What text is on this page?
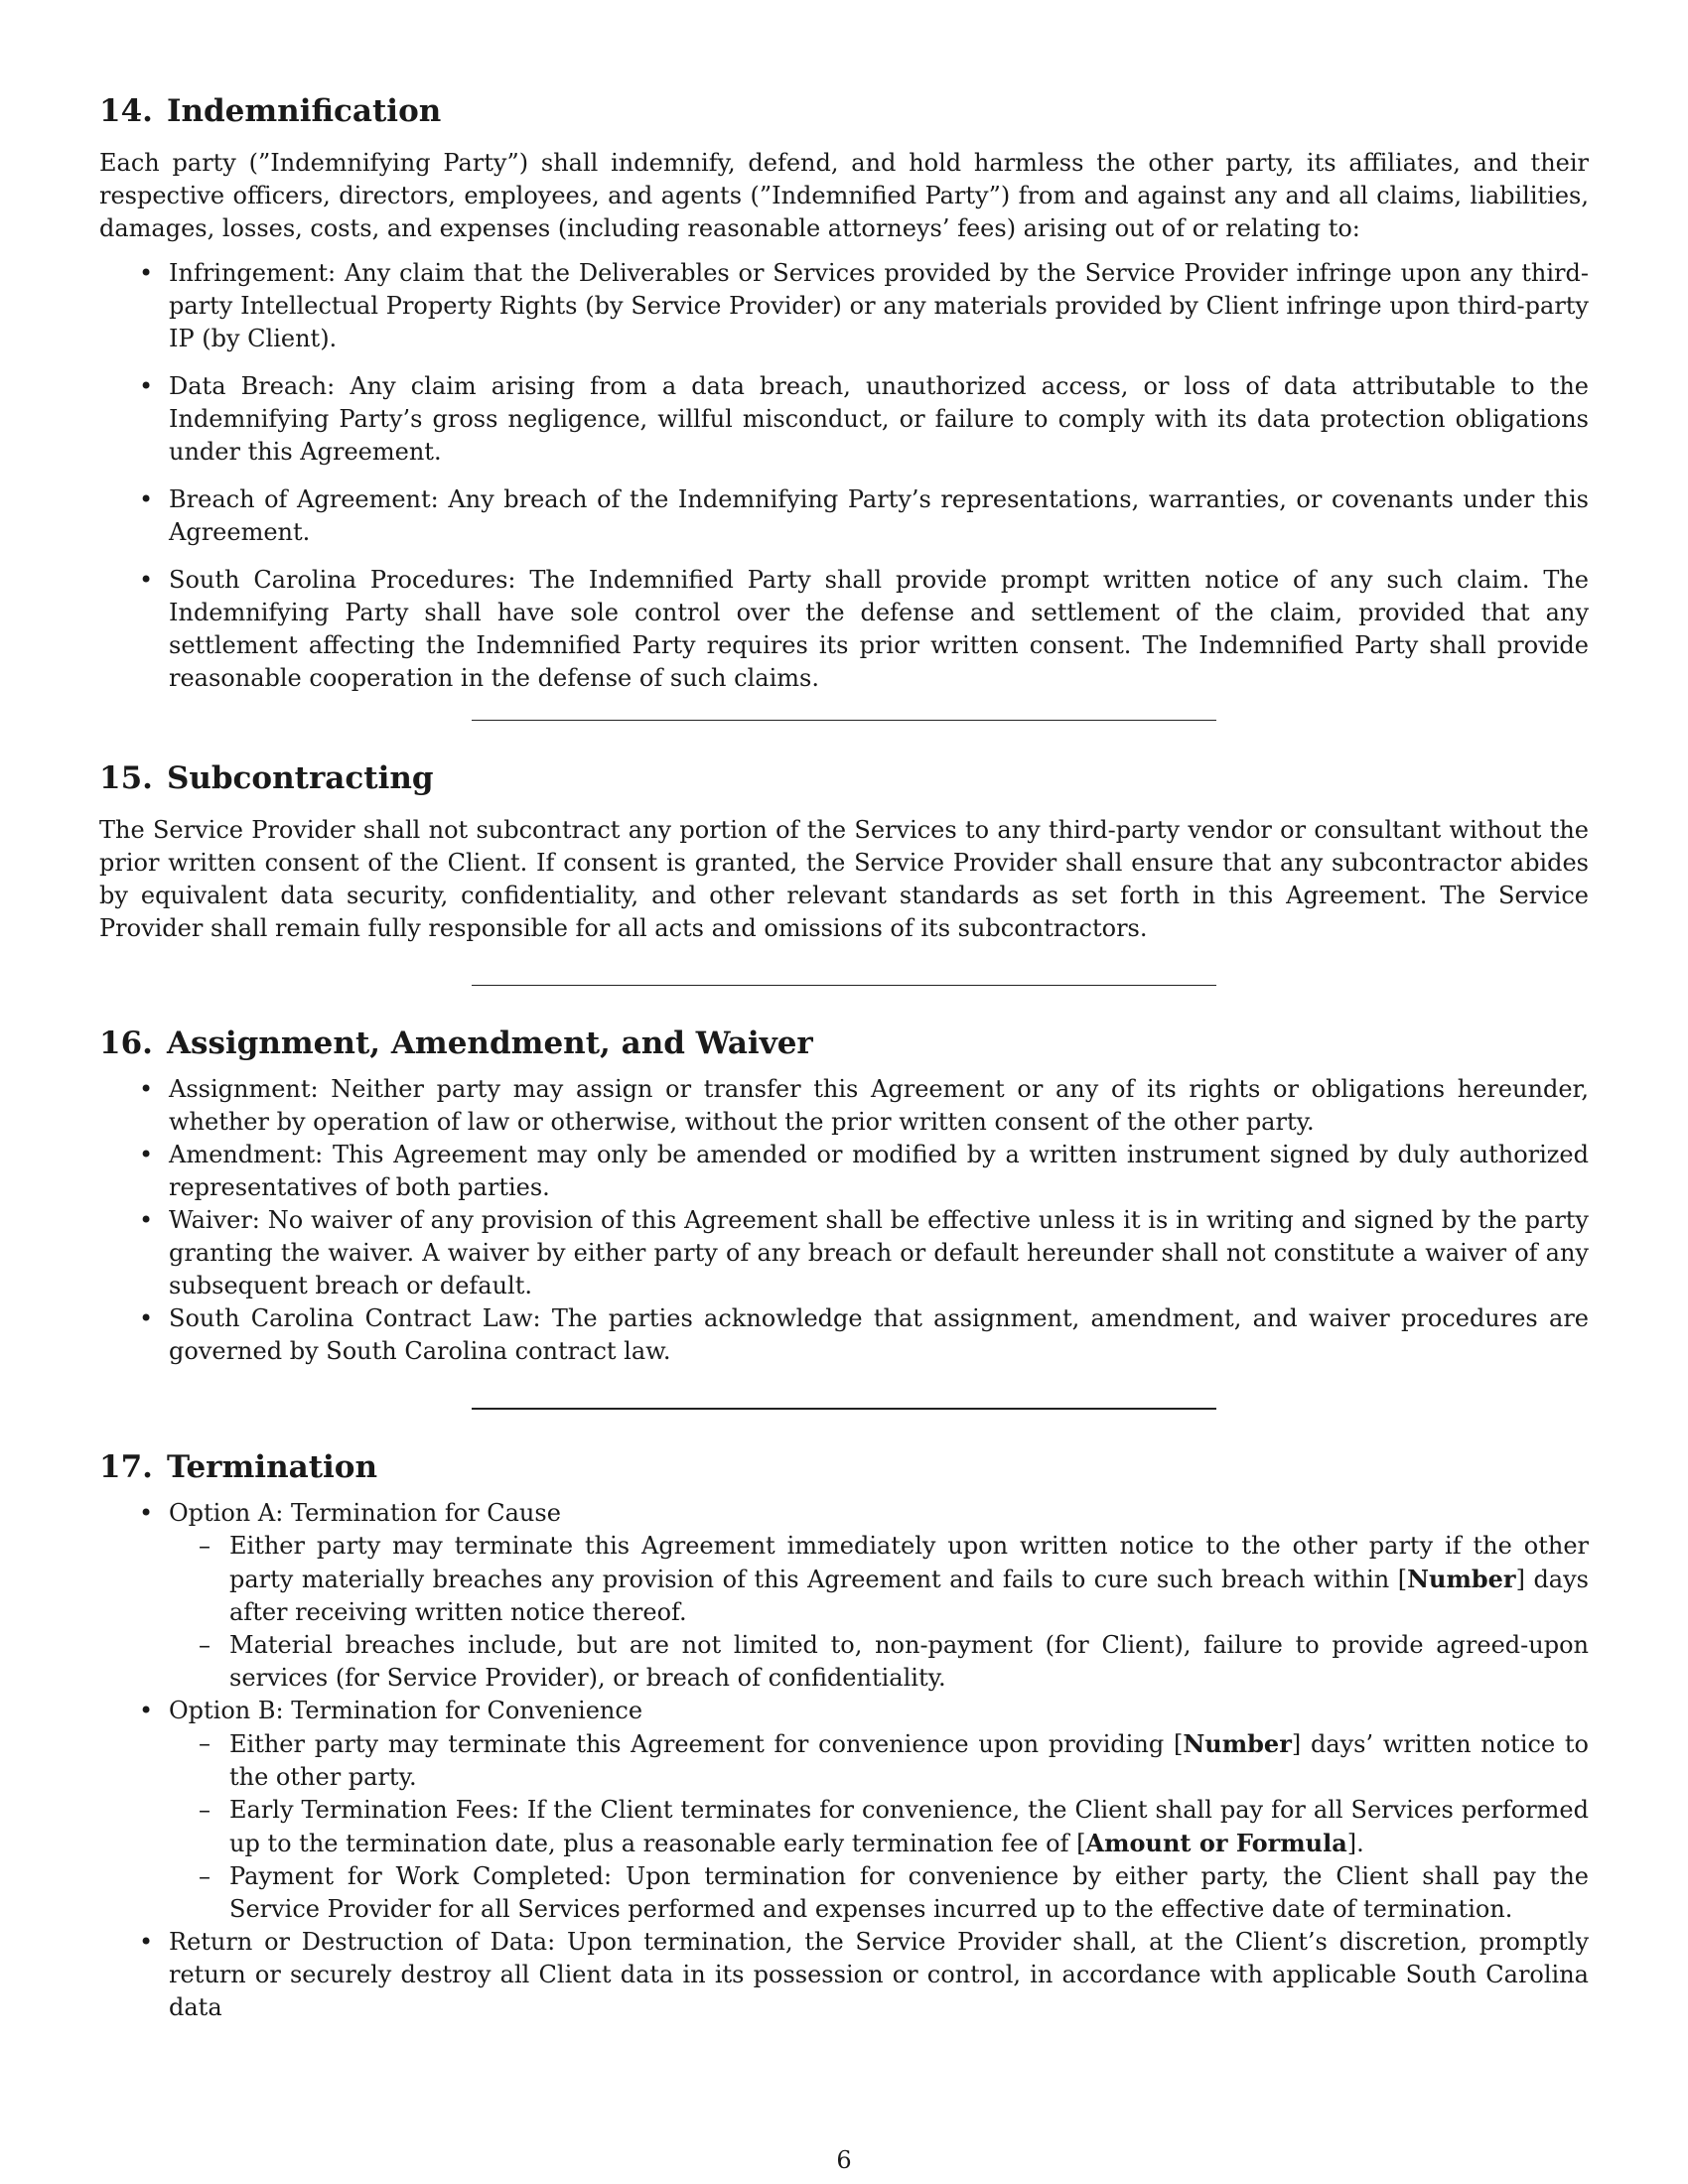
14. Indemnification

Each party (”Indemnifying Party”) shall indemnify, defend, and hold harmless the other party, its affiliates, and their respective officers, directors, employees, and agents (”Indemnified Party”) from and against any and all claims, liabilities, damages, losses, costs, and expenses (including reasonable attorneys’ fees) arising out of or relating to:

• Infringement: Any claim that the Deliverables or Services provided by the Service Provider infringe upon any third-party Intellectual Property Rights (by Service Provider) or any materials provided by Client infringe upon third-party IP (by Client).
• Data Breach: Any claim arising from a data breach, unauthorized access, or loss of data attributable to the Indemnifying Party’s gross negligence, willful misconduct, or failure to comply with its data protection obligations under this Agreement.
• Breach of Agreement: Any breach of the Indemnifying Party’s representations, warranties, or covenants under this Agreement.
• South Carolina Procedures: The Indemnified Party shall provide prompt written notice of any such claim. The Indemnifying Party shall have sole control over the defense and settlement of the claim, provided that any settlement affecting the Indemnified Party requires its prior written consent. The Indemnified Party shall provide reasonable cooperation in the defense of such claims.
15. Subcontracting

The Service Provider shall not subcontract any portion of the Services to any third-party vendor or consultant without the prior written consent of the Client. If consent is granted, the Service Provider shall ensure that any subcontractor abides by equivalent data security, confidentiality, and other relevant standards as set forth in this Agreement. The Service Provider shall remain fully responsible for all acts and omissions of its subcontractors.

16. Assignment, Amendment, and Waiver
• Assignment: Neither party may assign or transfer this Agreement or any of its rights or obligations hereunder, whether by operation of law or otherwise, without the prior written consent of the other party.
• Amendment: This Agreement may only be amended or modified by a written instrument signed by duly authorized representatives of both parties.
• Waiver: No waiver of any provision of this Agreement shall be effective unless it is in writing and signed by the party granting the waiver. A waiver by either party of any breach or default hereunder shall not constitute a waiver of any subsequent breach or default.
• South Carolina Contract Law: The parties acknowledge that assignment, amendment, and waiver procedures are governed by South Carolina contract law.
17. Termination
• Option A: Termination for Cause
– Either party may terminate this Agreement immediately upon written notice to the other party if the other party materially breaches any provision of this Agreement and fails to cure such breach within [Number] days after receiving written notice thereof.
– Material breaches include, but are not limited to, non-payment (for Client), failure to provide agreed-upon services (for Service Provider), or breach of confidentiality.
• Option B: Termination for Convenience
– Either party may terminate this Agreement for convenience upon providing [Number] days’ written notice to the other party.
– Early Termination Fees: If the Client terminates for convenience, the Client shall pay for all Services performed up to the termination date, plus a reasonable early termination fee of [Amount or Formula].
– Payment for Work Completed: Upon termination for convenience by either party, the Client shall pay the Service Provider for all Services performed and expenses incurred up to the effective date of termination.
• Return or Destruction of Data: Upon termination, the Service Provider shall, at the Client’s discretion, promptly return or securely destroy all Client data in its possession or control, in accordance with applicable South Carolina data
6
